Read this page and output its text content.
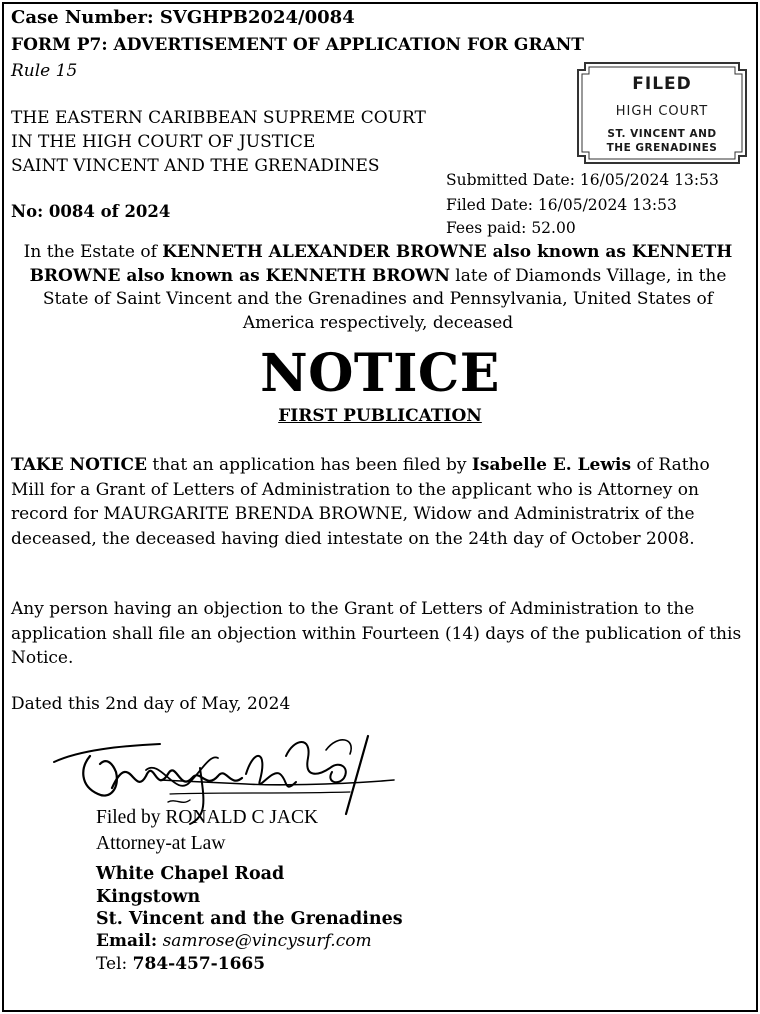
Case Number: SVGHPB2024/0084
FORM P7: ADVERTISEMENT OF APPLICATION FOR GRANT
Rule 15
THE EASTERN CARIBBEAN SUPREME COURT
IN THE HIGH COURT OF JUSTICE
SAINT VINCENT AND THE GRENADINES
No: 0084 of 2024
FILED
HIGH COURT
ST. VINCENT AND
THE GRENADINES
Submitted Date: 16/05/2024 13:53
Filed Date: 16/05/2024 13:53
Fees paid: 52.00
In the Estate of KENNETH ALEXANDER BROWNE also known as KENNETH BROWNE also known as KENNETH BROWN late of Diamonds Village, in the State of Saint Vincent and the Grenadines and Pennsylvania, United States of America respectively, deceased
NOTICE
FIRST PUBLICATION
TAKE NOTICE that an application has been filed by Isabelle E. Lewis of Ratho Mill for a Grant of Letters of Administration to the applicant who is Attorney on record for MAURGARITE BRENDA BROWNE, Widow and Administratrix of the deceased, the deceased having died intestate on the 24th day of October 2008.
Any person having an objection to the Grant of Letters of Administration to the application shall file an objection within Fourteen (14) days of the publication of this Notice.
Dated this 2nd day of May, 2024
Filed by RONALD C JACK
Attorney-at Law
White Chapel Road
Kingstown
St. Vincent and the Grenadines
Email: samrose@vincysurf.com
Tel: 784-457-1665
